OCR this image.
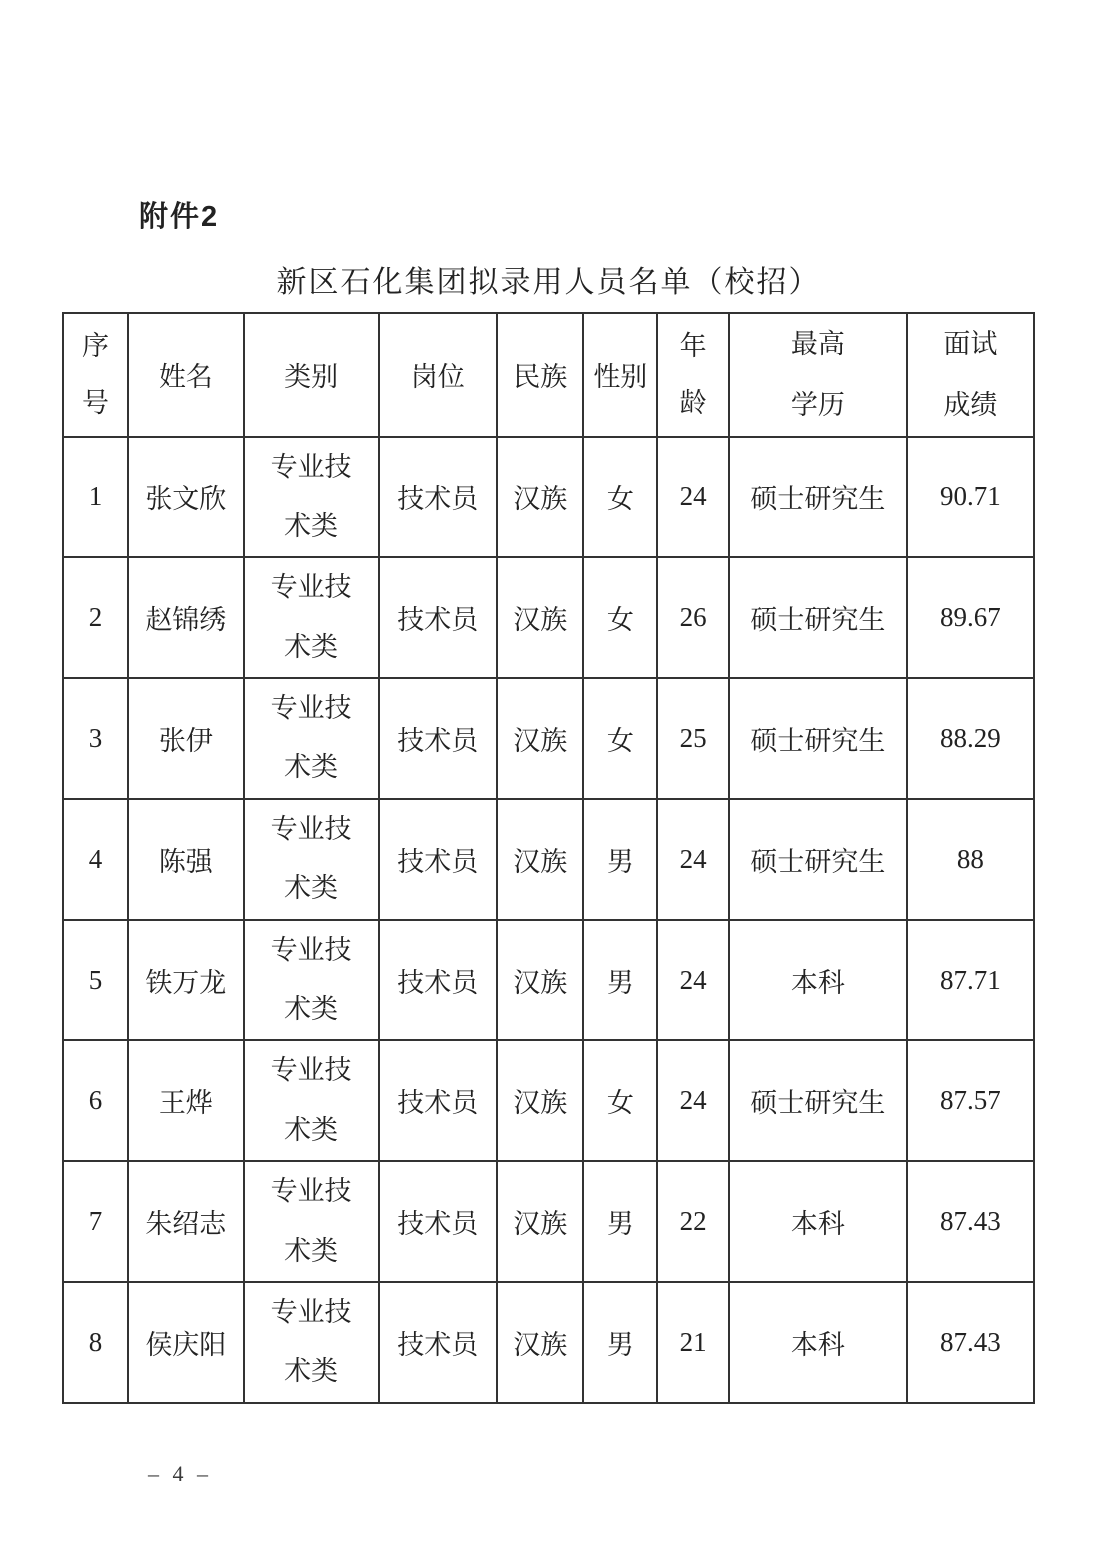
附件2
新区石化集团拟录用人员名单（校招）
序号	姓名	类别	岗位	民族	性别	年龄	最高学历	面试成绩
1	张文欣	专业技术类	技术员	汉族	女	24	硕士研究生	90.71
2	赵锦绣	专业技术类	技术员	汉族	女	26	硕士研究生	89.67
3	张伊	专业技术类	技术员	汉族	女	25	硕士研究生	88.29
4	陈强	专业技术类	技术员	汉族	男	24	硕士研究生	88
5	铁万龙	专业技术类	技术员	汉族	男	24	本科	87.71
6	王烨	专业技术类	技术员	汉族	女	24	硕士研究生	87.57
7	朱绍志	专业技术类	技术员	汉族	男	22	本科	87.43
8	侯庆阳	专业技术类	技术员	汉族	男	21	本科	87.43
– 4 –
